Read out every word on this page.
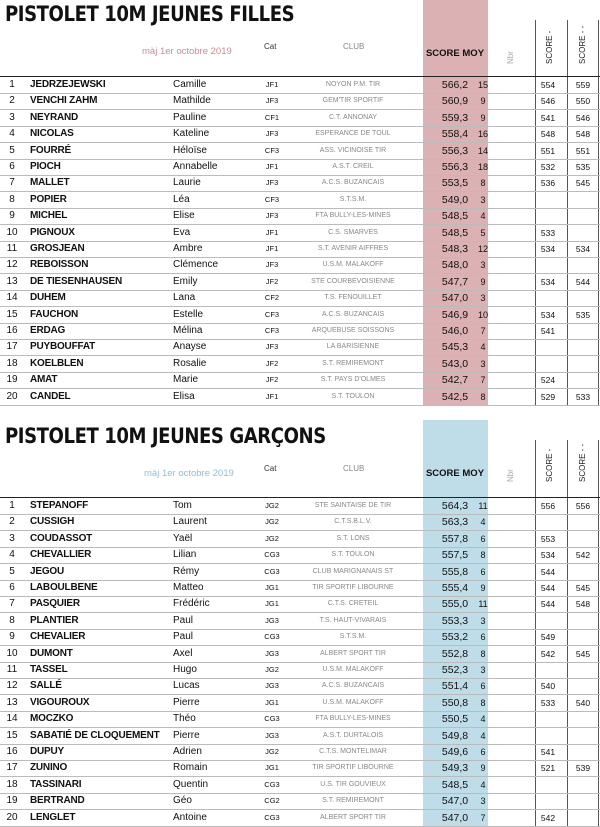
PISTOLET 10M JEUNES FILLES
màj 1er octobre 2019	Cat	CLUB
SCORE MOY	Nbr	SCORE -	SCORE - -
1	JEDRZEJEWSKI	Camille	JF1	NOYON P.M. TIR	566,2	15	554	559
2	VENCHI ZAHM	Mathilde	JF3	GEM'TIR SPORTIF	560,9	9	546	550
3	NEYRAND	Pauline	CF1	C.T. ANNONAY	559,3	9	541	546
4	NICOLAS	Kateline	JF3	ESPERANCE DE TOUL	558,4	16	548	548
5	FOURRÉ	Héloïse	CF3	ASS. VICINOISE TIR	556,3	14	551	551
6	PIOCH	Annabelle	JF1	A.S.T. CREIL	556,3	18	532	535
7	MALLET	Laurie	JF3	A.C.S. BUZANCAIS	553,5	8	536	545
8	POPIER	Léa	CF3	S.T.S.M.	549,0	3
9	MICHEL	Elise	JF3	FTA BULLY-LES-MINES	548,5	4
10 PIGNOUX	Eva	JF1	C.S. SMARVES	548,5	5	533
11 GROSJEAN	Ambre	JF1	S.T. AVENIR AIFFRES	548,3	12	534	534
12 REBOISSON	Clémence	JF3	U.S.M. MALAKOFF	548,0	3
13 DE TIESENHAUSEN	Emily	JF2	STE COURBEVOISIENNE	547,7	9	534	544
14 DUHEM	Lana	CF2	T.S. FENOUILLET	547,0	3
15 FAUCHON	Estelle	CF3	A.C.S. BUZANCAIS	546,9	10	534	535
16 ERDAG	Mélina	CF3	ARQUEBUSE SOISSONS	546,0	7	541
17 PUYBOUFFAT	Anayse	JF3	LA BARISIENNE	545,3	4
18 KOELBLEN	Rosalie	JF2	S.T. REMIREMONT	543,0	3
19 AMAT	Marie	JF2	S.T. PAYS D'OLMES	542,7	7	524
20 CANDEL	Elisa	JF1	S.T. TOULON	542,5	8	529	533
PISTOLET 10M JEUNES GARÇONS
màj 1er octobre 2019	Cat	CLUB	SCORE MOY	Nbr	SCORE -	SCORE - -
1	STEPANOFF	Tom	JG2	STE SAINTAISE DE TIR	564,3	11	556	556
2	CUSSIGH	Laurent	JG2	C.T.S.B.L.V.	563,3	4
3	COUDASSOT	Yaël	JG2	S.T. LONS	557,8	6	553
4	CHEVALLIER	Lilian	CG3	S.T. TOULON	557,5	8	534	542
5	JEGOU	Rémy	CG3	CLUB MARIGNANAIS ST	555,8	6	544
6	LABOULBENE	Matteo	JG1	TIR SPORTIF LIBOURNE	555,4	9	544	545
7	PASQUIER	Frédéric	JG1	C.T.S. CRETEIL	555,0	11	544	548
8	PLANTIER	Paul	JG3	T.S. HAUT-VIVARAIS	553,3	3
9	CHEVALIER	Paul	CG3	S.T.S.M.	553,2	6	549
10 DUMONT	Axel	JG3	ALBERT SPORT TIR	552,8	8	542	545
11 TASSEL	Hugo	JG2	U.S.M. MALAKOFF	552,3	3
12 SALLÉ	Lucas	JG3	A.C.S. BUZANCAIS	551,4	6	540
13 VIGOUROUX	Pierre	JG1	U.S.M. MALAKOFF	550,8	8	533	540
14 MOCZKO	Théo	CG3	FTA BULLY-LES-MINES	550,5	4
15 SABATIÉ DE CLOQUEMENT Pierre	JG3	A.S.T. DURTALOIS	549,8	4
16 DUPUY	Adrien	JG2	C.T.S. MONTELIMAR	549,6	6	541
17 ZUNINO	Romain	JG1	TIR SPORTIF LIBOURNE	549,3	9	521	539
18 TASSINARI	Quentin	CG3	U.S. TIR GOUVIEUX	548,5	4
19 BERTRAND	Géo	CG2	S.T. REMIREMONT	547,0	3
20 LENGLET	Antoine	CG3	ALBERT SPORT TIR	547,0	7	542
